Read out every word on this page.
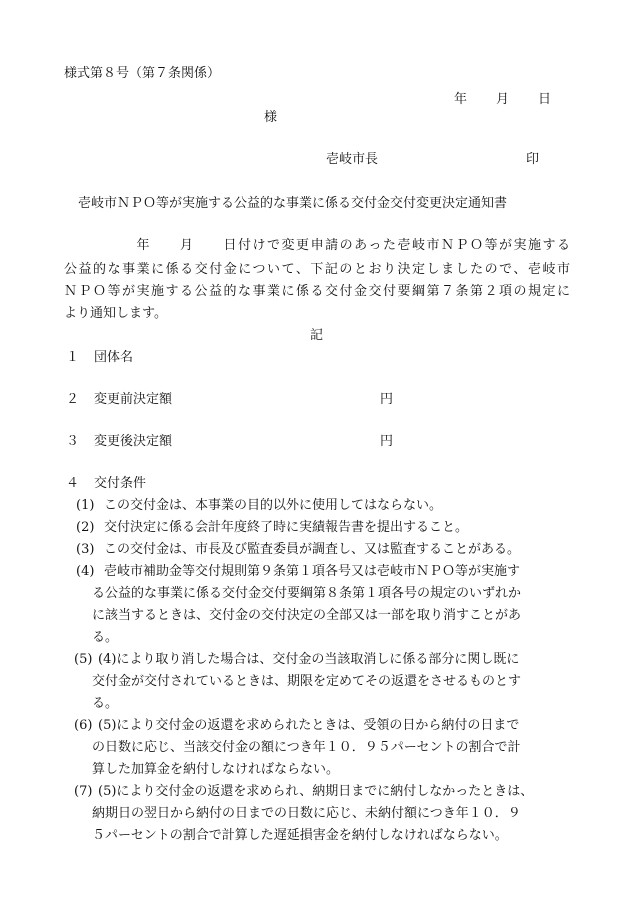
様式第８号（第７条関係）
年 月 日
様
壱岐市長	印
壱岐市ＮＰＯ等が実施する公益的な事業に係る交付金交付変更決定通知書
　　　　　年　　月　　日付けで変更申請のあった壱岐市ＮＰＯ等が実施する
公益的な事業に係る交付金について、下記のとおり決定しましたので、壱岐市
ＮＰＯ等が実施する公益的な事業に係る交付金交付要綱第７条第２項の規定に
より通知します。
記
１ 団体名
２ 変更前決定額	円
３ 変更後決定額	円
４ 交付条件
(1) この交付金は、本事業の目的以外に使用してはならない。
(2) 交付決定に係る会計年度終了時に実績報告書を提出すること。
(3) この交付金は、市長及び監査委員が調査し、又は監査することがある。
(4) 壱岐市補助金等交付規則第９条第１項各号又は壱岐市ＮＰＯ等が実施す
る公益的な事業に係る交付金交付要綱第８条第１項各号の規定のいずれか
に該当するときは、交付金の交付決定の全部又は一部を取り消すことがあ
る。
(5) (4)により取り消した場合は、交付金の当該取消しに係る部分に関し既に
交付金が交付されているときは、期限を定めてその返還をさせるものとす
る。
(6) (5)により交付金の返還を求められたときは、受領の日から納付の日まで
の日数に応じ、当該交付金の額につき年１０．９５パーセントの割合で計
算した加算金を納付しなければならない。
(7) (5)により交付金の返還を求められ、納期日までに納付しなかったときは、
納期日の翌日から納付の日までの日数に応じ、未納付額につき年１０．９
５パーセントの割合で計算した遅延損害金を納付しなければならない。
